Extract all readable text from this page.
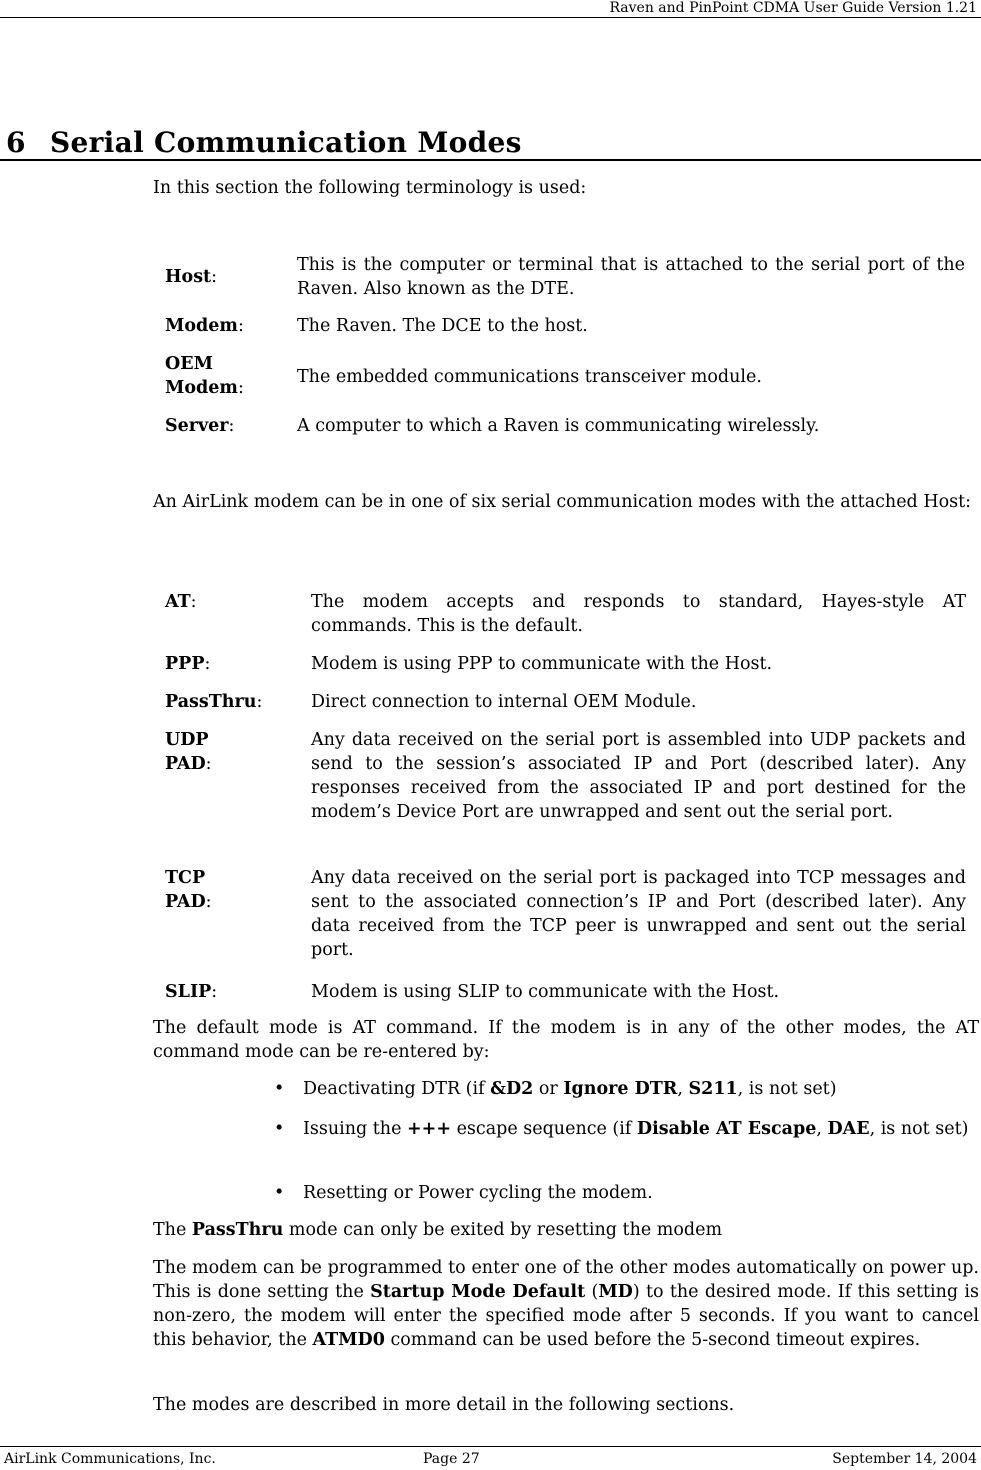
Raven and PinPoint CDMA User Guide Version 1.21
6 Serial Communication Modes
In this section the following terminology is used:
Host:
This is the computer or terminal that is attached to the serial port of the Raven. Also known as the DTE.
Modem:	The Raven. The DCE to the host.
OEM
Modem:
The embedded communications transceiver module.
Server:	A computer to which a Raven is communicating wirelessly.
An AirLink modem can be in one of six serial communication modes with the attached Host:
AT:	The modem accepts and responds to standard, Hayes-style AT commands. This is the default.
PPP:	Modem is using PPP to communicate with the Host.
PassThru:	Direct connection to internal OEM Module.
UDP PAD:
Any data received on the serial port is assembled into UDP packets and send to the session’s associated IP and Port (described later). Any responses received from the associated IP and port destined for the modem’s Device Port are unwrapped and sent out the serial port.
TCP PAD:
Any data received on the serial port is packaged into TCP messages and sent to the associated connection’s IP and Port (described later). Any data received from the TCP peer is unwrapped and sent out the serial port.
SLIP:	Modem is using SLIP to communicate with the Host.
The default mode is AT command. If the modem is in any of the other modes, the AT command mode can be re-entered by:
• Deactivating DTR (if &D2 or Ignore DTR, S211, is not set)
• Issuing the +++ escape sequence (if Disable AT Escape, DAE, is not set)
• Resetting or Power cycling the modem.
The PassThru mode can only be exited by resetting the modem
The modem can be programmed to enter one of the other modes automatically on power up. This is done setting the Startup Mode Default (MD) to the desired mode. If this setting is non-zero, the modem will enter the specified mode after 5 seconds. If you want to cancel this behavior, the ATMD0 command can be used before the 5-second timeout expires.
The modes are described in more detail in the following sections.
AirLink Communications, Inc.	Page 27	September 14, 2004
